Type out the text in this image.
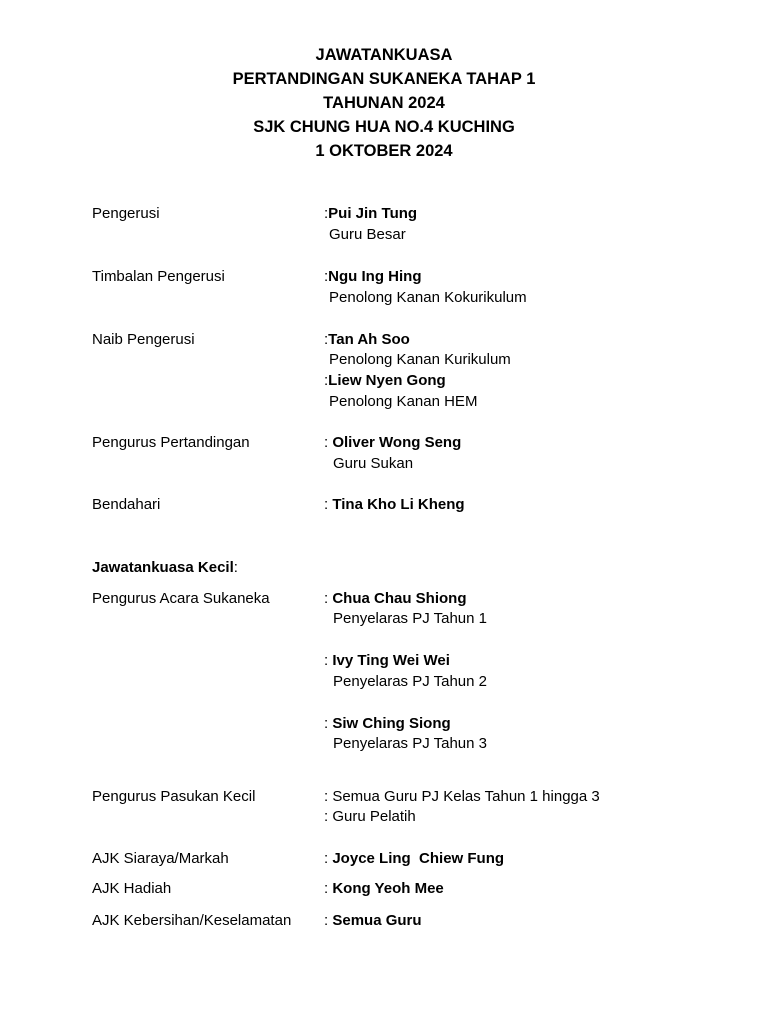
JAWATANKUASA
PERTANDINGAN SUKANEKA TAHAP 1
TAHUNAN 2024
SJK CHUNG HUA NO.4 KUCHING
1 OKTOBER 2024
Pengerusi	:Pui Jin Tung
Guru Besar
Timbalan Pengerusi	:Ngu Ing Hing
Penolong Kanan Kokurikulum
Naib Pengerusi	:Tan Ah Soo
Penolong Kanan Kurikulum
:Liew Nyen Gong
Penolong Kanan HEM
Pengurus Pertandingan	: Oliver Wong Seng
Guru Sukan
Bendahari	: Tina Kho Li Kheng
Jawatankuasa Kecil:
Pengurus Acara Sukaneka	: Chua Chau Shiong
Penyelaras PJ Tahun 1
: Ivy Ting Wei Wei
Penyelaras PJ Tahun 2
: Siw Ching Siong
Penyelaras PJ Tahun 3
Pengurus Pasukan Kecil	: Semua Guru PJ Kelas Tahun 1 hingga 3
: Guru Pelatih
AJK Siaraya/Markah	: Joyce Ling  Chiew Fung
AJK Hadiah	: Kong Yeoh Mee
AJK Kebersihan/Keselamatan : Semua Guru
